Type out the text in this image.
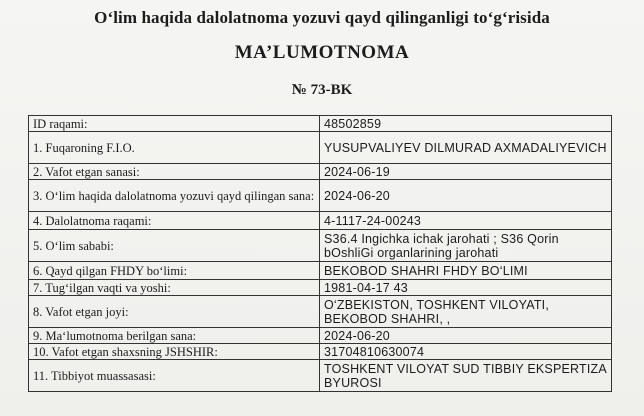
O‘lim haqida dalolatnoma yozuvi qayd qilinganligi to‘g‘risida
MA’LUMOTNOMA
№ 73-BK
ID raqami:	48502859
1. Fuqaroning F.I.O.	YUSUPVALIYEV DILMURAD AXMADALIYEVICH
2. Vafot etgan sanasi:	2024-06-19
3. O‘lim haqida dalolatnoma yozuvi qayd qilingan sana:	2024-06-20
4. Dalolatnoma raqami:	4-1117-24-00243
5. O‘lim sababi:	S36.4 Ingichka ichak jarohati ; S36 Qorin bOshliGi organlarining jarohati
6. Qayd qilgan FHDY bo‘limi:	BEKOBOD SHAHRI FHDY BO‘LIMI
7. Tug‘ilgan vaqti va yoshi:	1981-04-17 43
8. Vafot etgan joyi:	O‘ZBEKISTON, TOSHKENT VILOYATI, BEKOBOD SHAHRI, ,
9. Ma‘lumotnoma berilgan sana:	2024-06-20
10. Vafot etgan shaxsning JSHSHIR:	31704810630074
11. Tibbiyot muassasasi:	TOSHKENT VILOYAT SUD TIBBIY EKSPERTIZA BYUROSI
